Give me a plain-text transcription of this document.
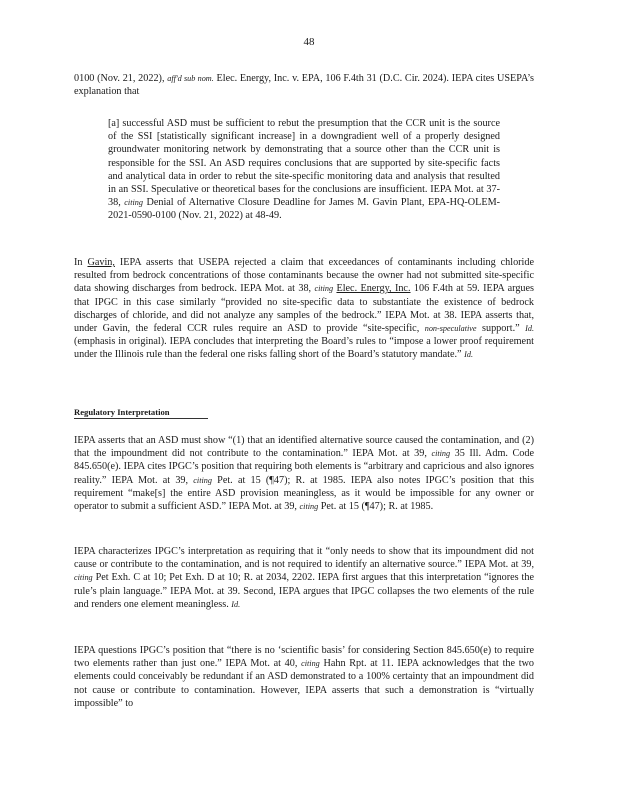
48
0100 (Nov. 21, 2022), aff'd sub nom. Elec. Energy, Inc. v. EPA, 106 F.4th 31 (D.C. Cir. 2024). IEPA cites USEPA’s explanation that
[a] successful ASD must be sufficient to rebut the presumption that the CCR unit is the source of the SSI [statistically significant increase] in a downgradient well of a properly designed groundwater monitoring network by demonstrating that a source other than the CCR unit is responsible for the SSI. An ASD requires conclusions that are supported by site-specific facts and analytical data in order to rebut the site-specific monitoring data and analysis that resulted in an SSI. Speculative or theoretical bases for the conclusions are insufficient. IEPA Mot. at 37-38, citing Denial of Alternative Closure Deadline for James M. Gavin Plant, EPA-HQ-OLEM-2021-0590-0100 (Nov. 21, 2022) at 48-49.
In Gavin, IEPA asserts that USEPA rejected a claim that exceedances of contaminants including chloride resulted from bedrock concentrations of those contaminants because the owner had not submitted site-specific data showing discharges from bedrock. IEPA Mot. at 38, citing Elec. Energy, Inc. 106 F.4th at 59. IEPA argues that IPGC in this case similarly “provided no site-specific data to substantiate the existence of bedrock discharges of chloride, and did not analyze any samples of the bedrock.” IEPA Mot. at 38. IEPA asserts that, under Gavin, the federal CCR rules require an ASD to provide “site-specific, non-speculative support.” Id. (emphasis in original). IEPA concludes that interpreting the Board’s rules to “impose a lower proof requirement under the Illinois rule than the federal one risks falling short of the Board’s statutory mandate.” Id.
Regulatory Interpretation
IEPA asserts that an ASD must show “(1) that an identified alternative source caused the contamination, and (2) that the impoundment did not contribute to the contamination.” IEPA Mot. at 39, citing 35 Ill. Adm. Code 845.650(e). IEPA cites IPGC’s position that requiring both elements is “arbitrary and capricious and also ignores reality.” IEPA Mot. at 39, citing Pet. at 15 (¶47); R. at 1985. IEPA also notes IPGC’s position that this requirement “make[s] the entire ASD provision meaningless, as it would be impossible for any owner or operator to submit a sufficient ASD.” IEPA Mot. at 39, citing Pet. at 15 (¶47); R. at 1985.
IEPA characterizes IPGC’s interpretation as requiring that it “only needs to show that its impoundment did not cause or contribute to the contamination, and is not required to identify an alternative source.” IEPA Mot. at 39, citing Pet Exh. C at 10; Pet Exh. D at 10; R. at 2034, 2202. IEPA first argues that this interpretation “ignores the rule’s plain language.” IEPA Mot. at 39. Second, IEPA argues that IPGC collapses the two elements of the rule and renders one element meaningless. Id.
IEPA questions IPGC’s position that “there is no ‘scientific basis’ for considering Section 845.650(e) to require two elements rather than just one.” IEPA Mot. at 40, citing Hahn Rpt. at 11. IEPA acknowledges that the two elements could conceivably be redundant if an ASD demonstrated to a 100% certainty that an impoundment did not cause or contribute to contamination. However, IEPA asserts that such a demonstration is “virtually impossible” to
